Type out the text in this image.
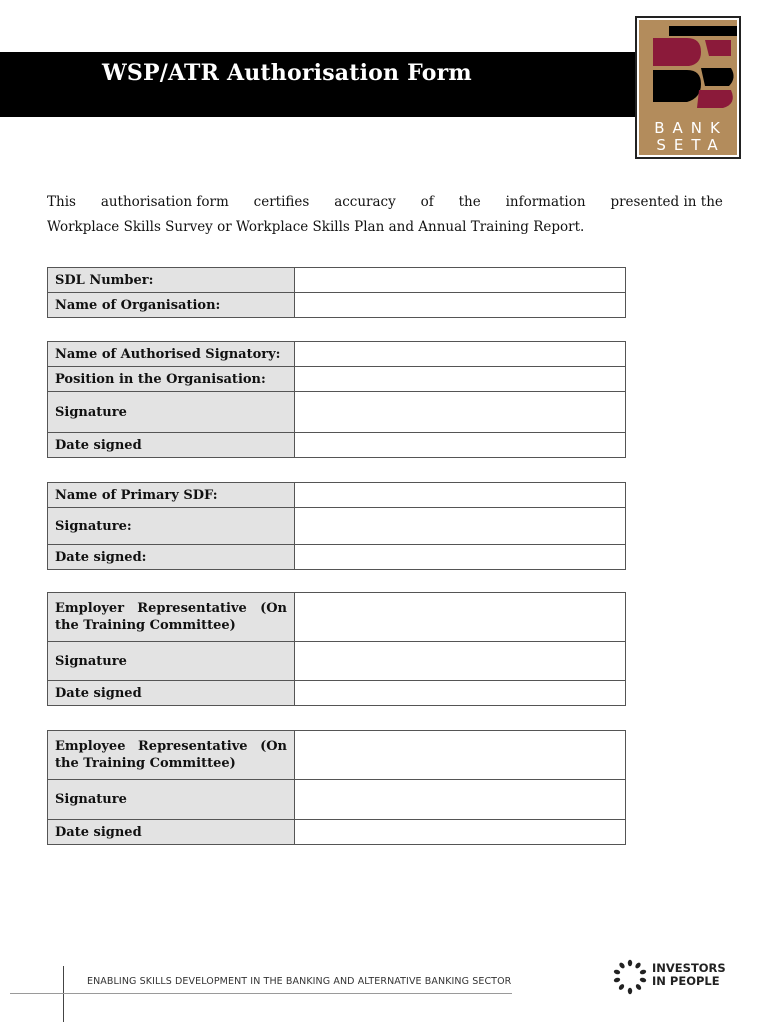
WSP/ATR Authorisation Form
BANK
SETA
This authorisation form certifies accuracy of the information presented in the
Workplace Skills Survey or Workplace Skills Plan and Annual Training Report.
SDL Number:	
Name of Organisation:	
Name of Authorised Signatory:	
Position in the Organisation:	
Signature	
Date signed	
Name of Primary SDF:	
Signature:	
Date signed:	
Employer Representative (On the Training Committee)	
Signature	
Date signed	
Employee Representative (On the Training Committee)	
Signature	
Date signed	
ENABLING SKILLS DEVELOPMENT IN THE BANKING AND ALTERNATIVE BANKING SECTOR
INVESTORS
IN PEOPLE
